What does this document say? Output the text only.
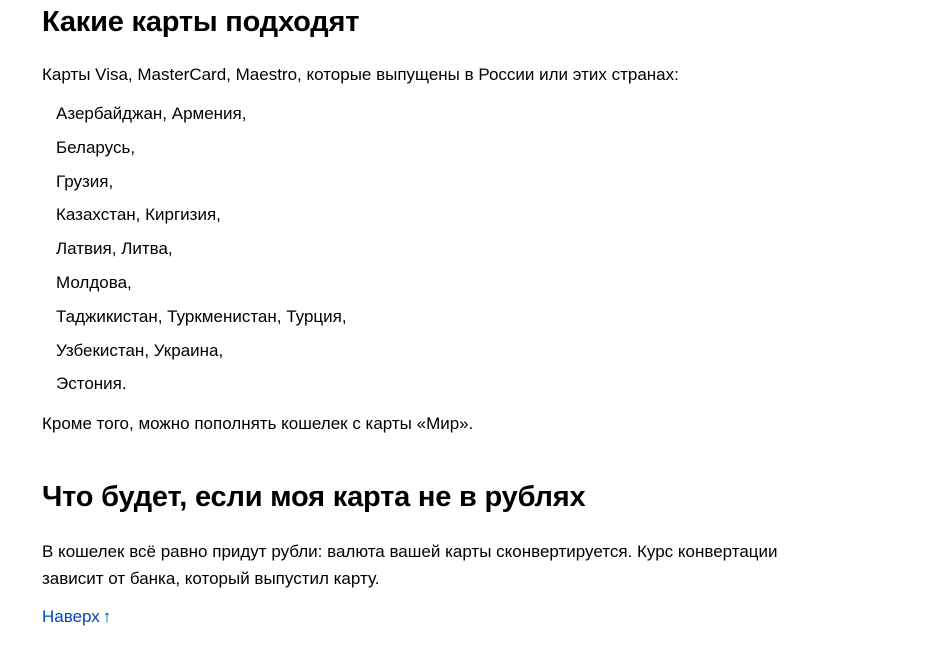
Какие карты подходят

Карты Visa, MasterCard, Maestro, которые выпущены в России или этих странах:

Азербайджан, Армения,
Беларусь,
Грузия,
Казахстан, Киргизия,
Латвия, Литва,
Молдова,
Таджикистан, Туркменистан, Турция,
Узбекистан, Украина,
Эстония.

Кроме того, можно пополнять кошелек с карты «Мир».

Что будет, если моя карта не в рублях

В кошелек всё равно придут рубли: валюта вашей карты сконвертируется. Курс конвертации
зависит от банка, который выпустил карту.

Наверх ↑
